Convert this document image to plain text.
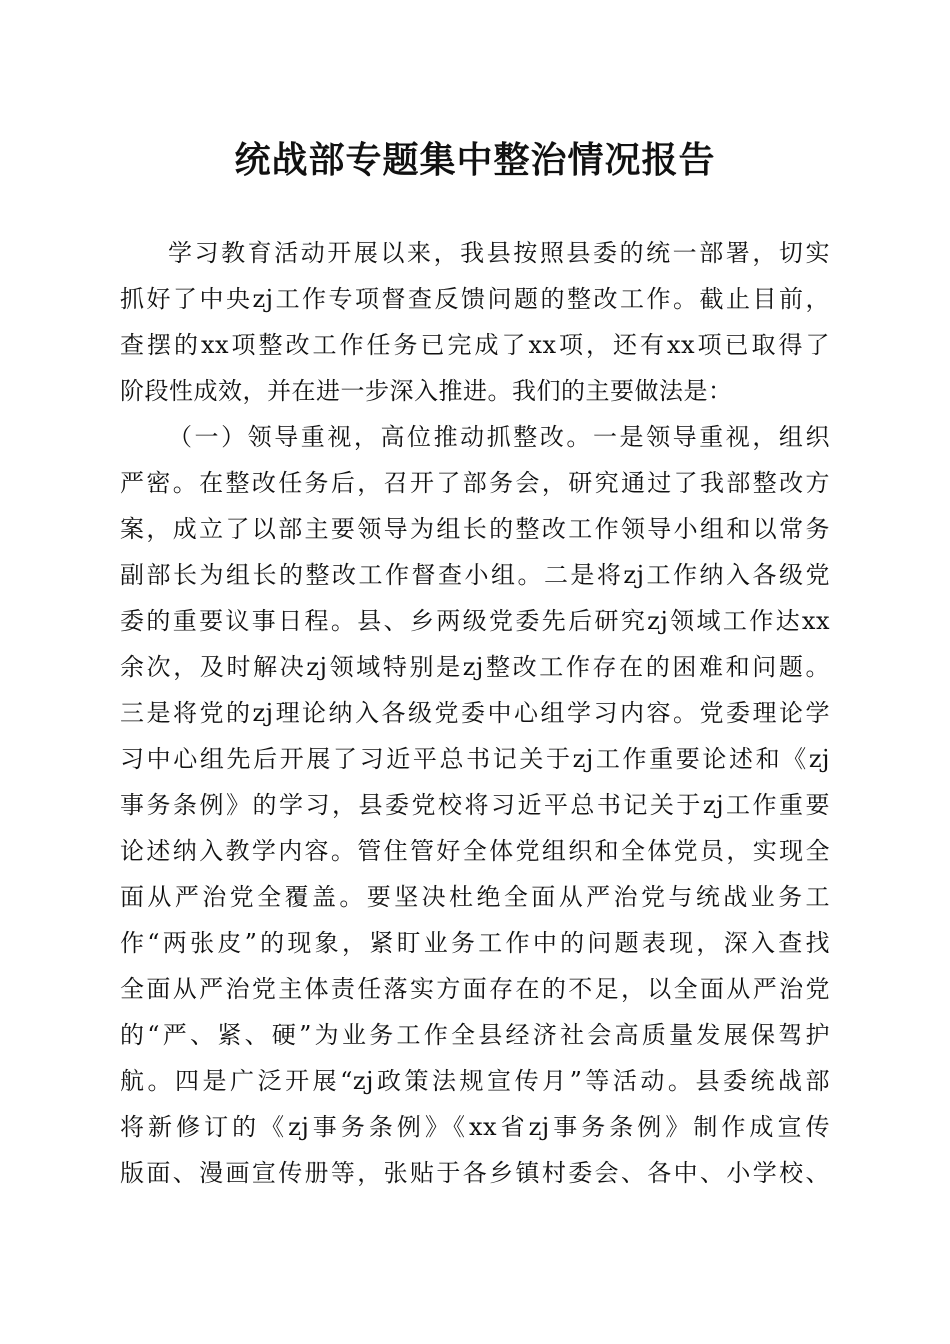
统战部专题集中整治情况报告
学习教育活动开展以来，我县按照县委的统一部署，切实
抓好了中央zj工作专项督查反馈问题的整改工作。截止目前，
查摆的xx项整改工作任务已完成了xx项，还有xx项已取得了
阶段性成效，并在进一步深入推进。我们的主要做法是：
（一）领导重视，高位推动抓整改。一是领导重视，组织
严密。在整改任务后，召开了部务会，研究通过了我部整改方
案，成立了以部主要领导为组长的整改工作领导小组和以常务
副部长为组长的整改工作督查小组。二是将zj工作纳入各级党
委的重要议事日程。县、乡两级党委先后研究zj领域工作达xx
余次，及时解决zj领域特别是zj整改工作存在的困难和问题。
三是将党的zj理论纳入各级党委中心组学习内容。党委理论学
习中心组先后开展了习近平总书记关于zj工作重要论述和《zj
事务条例》的学习，县委党校将习近平总书记关于zj工作重要
论述纳入教学内容。管住管好全体党组织和全体党员，实现全
面从严治党全覆盖。要坚决杜绝全面从严治党与统战业务工
作“两张皮”的现象，紧盯业务工作中的问题表现，深入查找
全面从严治党主体责任落实方面存在的不足，以全面从严治党
的“严、紧、硬”为业务工作全县经济社会高质量发展保驾护
航。四是广泛开展“zj政策法规宣传月”等活动。县委统战部
将新修订的《zj事务条例》《xx省zj事务条例》制作成宣传
版面、漫画宣传册等，张贴于各乡镇村委会、各中、小学校、
